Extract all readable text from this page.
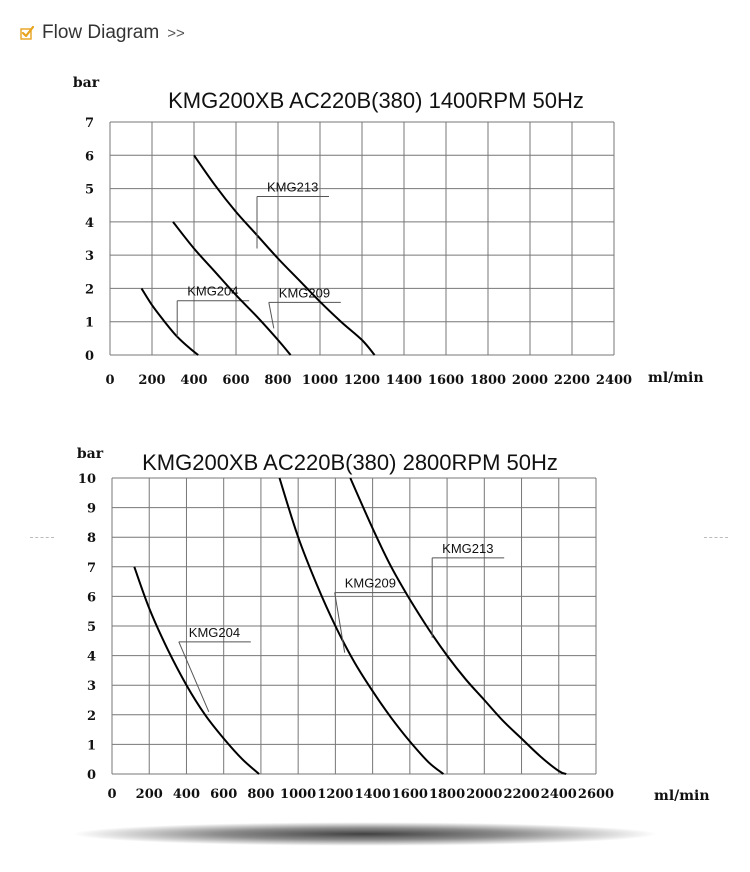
Flow Diagram >>
KMG200XB AC220B(380) 1400RPM 50Hz
0 200 400 600 800 1000 1200 1400 1600 1800 2000 2200 2400
0
1
2
3
4
5
6
7
bar
ml/min
KMG204	KMG209
KMG213
KMG200XB AC220B(380) 2800RPM 50Hz
0 200 400 600 800 1000 1200 1400 1600 1800 2000 2200 2400 2600
0
1
2
3
4
5
6
7
8
9
10
bar
ml/min
KMG204
KMG209
KMG213
